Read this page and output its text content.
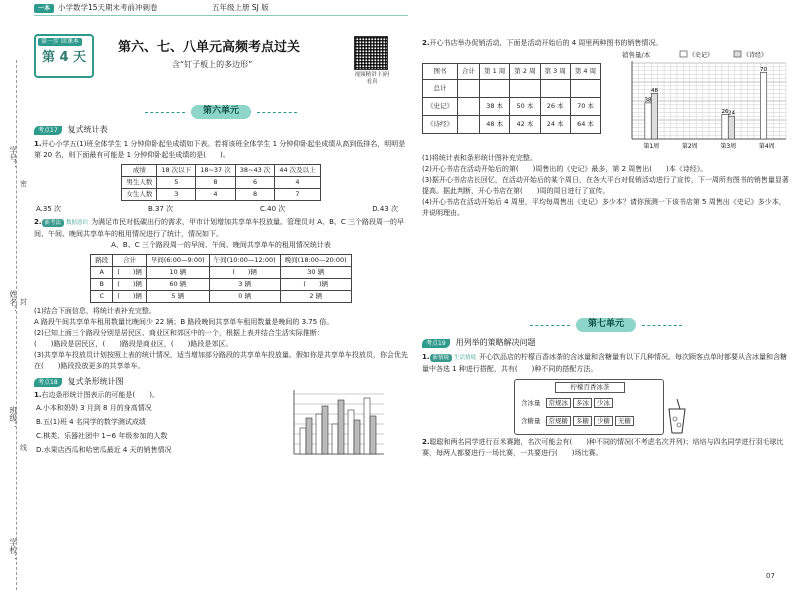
一本	小学数学15天期末考前冲刺卷	五年级上册 SJ 版
学号：
姓名：
班级：
学校：
密
封
线
第一步 回课本
第 4 天
第六、七、八单元高频考点过关
含“钉子板上的多边形”
视频精讲 扫码看真
第六单元
考点17	复式统计表
1.开心小学五(1)班全体学生 1 分钟仰卧起坐成绩如下表。若将该班全体学生 1 分钟仰卧起坐成绩从高到低排名，明明是第 20 名，则下面最有可能是 1 分钟仰卧起坐成绩的是(　　)。
成绩	18 次以下	18~37 次	38~43 次	44 次及以上
男生人数	5	8	6	4
女生人数	3	4	8	7
A.35 次	B.37 次	C.40 次	D.43 次
2. 新考法 数据意识 为满足市民对低碳出行的需求，甲市计划增加共享单车投放量。管理员对 A、B、C 三个路段周一的早间、午间、晚间共享单车的租用情况进行了统计，情况如下。
A、B、C 三个路段周一的早间、午间、晚间共享单车的租用情况统计表
路段	合计	早间(6:00—9:00)	午间(10:00—12:00)	晚间(18:00—20:00)
A	(　　)辆	10 辆	(　　)辆	30 辆
B	(　　)辆	60 辆	3 辆	(　　)辆
C	(　　)辆	5 辆	0 辆	2 辆
(1)结合下面信息，将统计表补充完整。
A 路段午间共享单车租用数量比晚间少 22 辆；B 路段晚间共享单车租用数量是晚间的 3.75 倍。
(2)已知上面三个路段分别是居民区、商业区和郊区中的一个，根据上表并结合生活实际推断：
(　　)路段是居民区，(　　)路段是商业区，(　　)路段是郊区。
(3)共享单车投放员计划按照上表的统计情况，适当增加部分路段的共享单车投放量。假如你是共享单车投放员，你会优先在(　　)路段投放更多的共享单车。
考点18	复式条形统计图
1.右边条形统计图表示的可能是(　　)。
A.小本和奶奶 3 月到 8 月的身高情况
B.五(1)班 4 名同学的数学测试成绩
C.棋类、乐器社团中 1~6 年级参加的人数
D.水果店西瓜和哈密瓜最近 4 天的销售情况
2.开心书店举办促销活动，下面是活动开始后的 4 周里两种图书的销售情况。
图书	合计	第 1 周	第 2 周	第 3 周	第 4 周
总计					
《史记》		38 本	50 本	26 本	70 本
《诗经》		48 本	42 本	24 本	64 本
销售量/本	《史记》	《诗经》
38
48
26 24
70
第1周	第2周	第3周	第4周
(1)将统计表和条形统计图补充完整。
(2)开心书店在活动开始后的第(　　)周售出的《史记》最多，第 2 周售出(　　)本《诗经》。
(3)据开心书店店长回忆，在活动开始后的某个周日，在各大平台对促销活动进行了宣传，下一周所有图书的销售量显著提高。据此判断，开心书店在第(　　)周的周日进行了宣传。
(4)开心书店在活动开始后 4 周里，平均每周售出《史记》多少本？请你预测一下该书店第 5 周售出《史记》多少本，并说明理由。
第七单元
考点19	用列举的策略解决问题
1. 新情境 生活情境 开心饮品店的柠檬百香冰茶的含冰量和含糖量有以下几种情况。每次顾客点单时都要从含冰量和含糖量中各选 1 种进行搭配，共有(　　)种不同的搭配方法。
柠檬百香冰茶
含冰量	常规冰	多冰	少冰
含糖量	常规糖	多糖	少糖	无糖
2.聪聪和两名同学进行百米赛跑，名次可能会有(　　)种不同的情况(不考虑名次并列)；培培与四名同学进行羽毛球比赛，每两人都要进行一场比赛，一共要进行(　　)场比赛。
07
